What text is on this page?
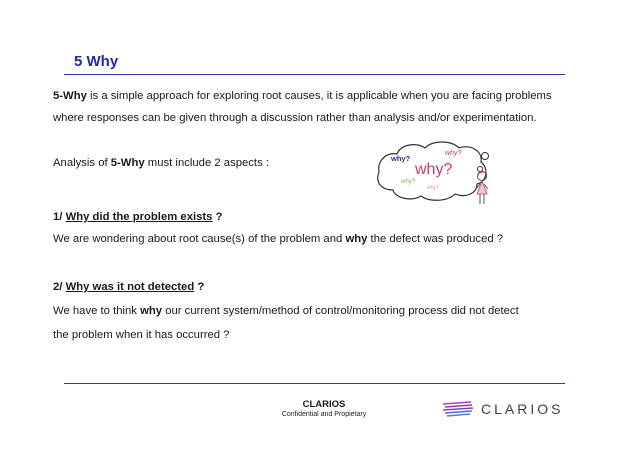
5 Why
5-Why is a simple approach for exploring root causes, it is applicable when you are facing problems
where responses can be given through a discussion rather than analysis and/or experimentation.
Analysis of 5-Why must include 2 aspects :
why?
why?
why?
why?
why?
1/ Why did the problem exists ?
We are wondering about root cause(s) of the problem and why the defect was produced ?
2/ Why was it not detected ?
We have to think why our current system/method of control/monitoring process did not detect
the problem when it has occurred ?
CLARIOS
Confidential and Propietary	CLARIOS
